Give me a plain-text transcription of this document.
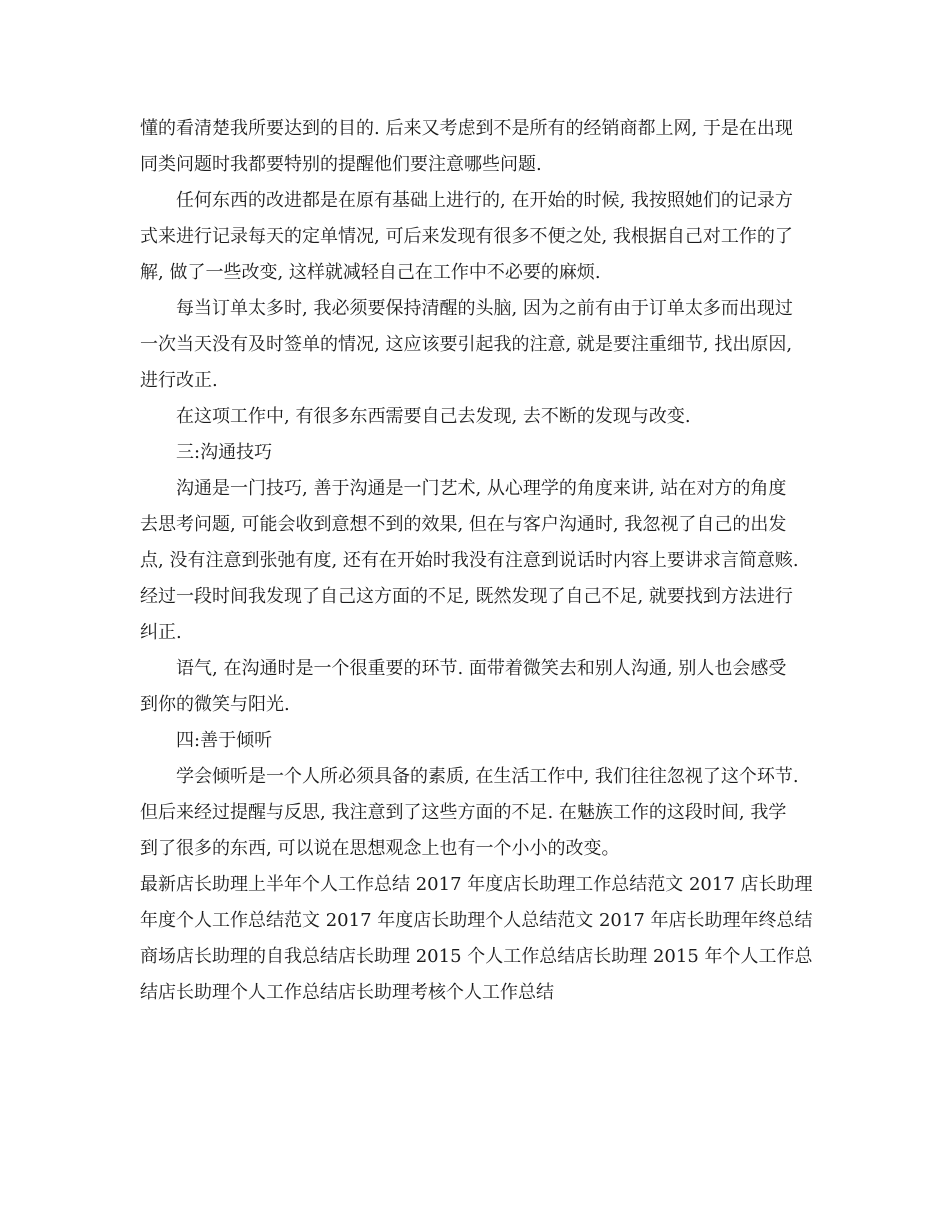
懂的看清楚我所要达到的目的. 后来又考虑到不是所有的经销商都上网, 于是在出现
同类问题时我都要特别的提醒他们要注意哪些问题.
任何东西的改进都是在原有基础上进行的, 在开始的时候, 我按照她们的记录方
式来进行记录每天的定单情况, 可后来发现有很多不便之处, 我根据自己对工作的了
解, 做了一些改变, 这样就减轻自己在工作中不必要的麻烦.
每当订单太多时, 我必须要保持清醒的头脑, 因为之前有由于订单太多而出现过
一次当天没有及时签单的情况, 这应该要引起我的注意, 就是要注重细节, 找出原因,
进行改正.
在这项工作中, 有很多东西需要自己去发现, 去不断的发现与改变.
三:沟通技巧
沟通是一门技巧, 善于沟通是一门艺术, 从心理学的角度来讲, 站在对方的角度
去思考问题, 可能会收到意想不到的效果, 但在与客户沟通时, 我忽视了自己的出发
点, 没有注意到张弛有度, 还有在开始时我没有注意到说话时内容上要讲求言简意赅.
经过一段时间我发现了自己这方面的不足, 既然发现了自己不足, 就要找到方法进行
纠正.
语气, 在沟通时是一个很重要的环节. 面带着微笑去和别人沟通, 别人也会感受
到你的微笑与阳光.
四:善于倾听
学会倾听是一个人所必须具备的素质, 在生活工作中, 我们往往忽视了这个环节.
但后来经过提醒与反思, 我注意到了这些方面的不足. 在魅族工作的这段时间, 我学
到了很多的东西, 可以说在思想观念上也有一个小小的改变。
最新店长助理上半年个人工作总结 2017 年度店长助理工作总结范文 2017 店长助理
年度个人工作总结范文 2017 年度店长助理个人总结范文 2017 年店长助理年终总结
商场店长助理的自我总结店长助理 2015 个人工作总结店长助理 2015 年个人工作总
结店长助理个人工作总结店长助理考核个人工作总结
